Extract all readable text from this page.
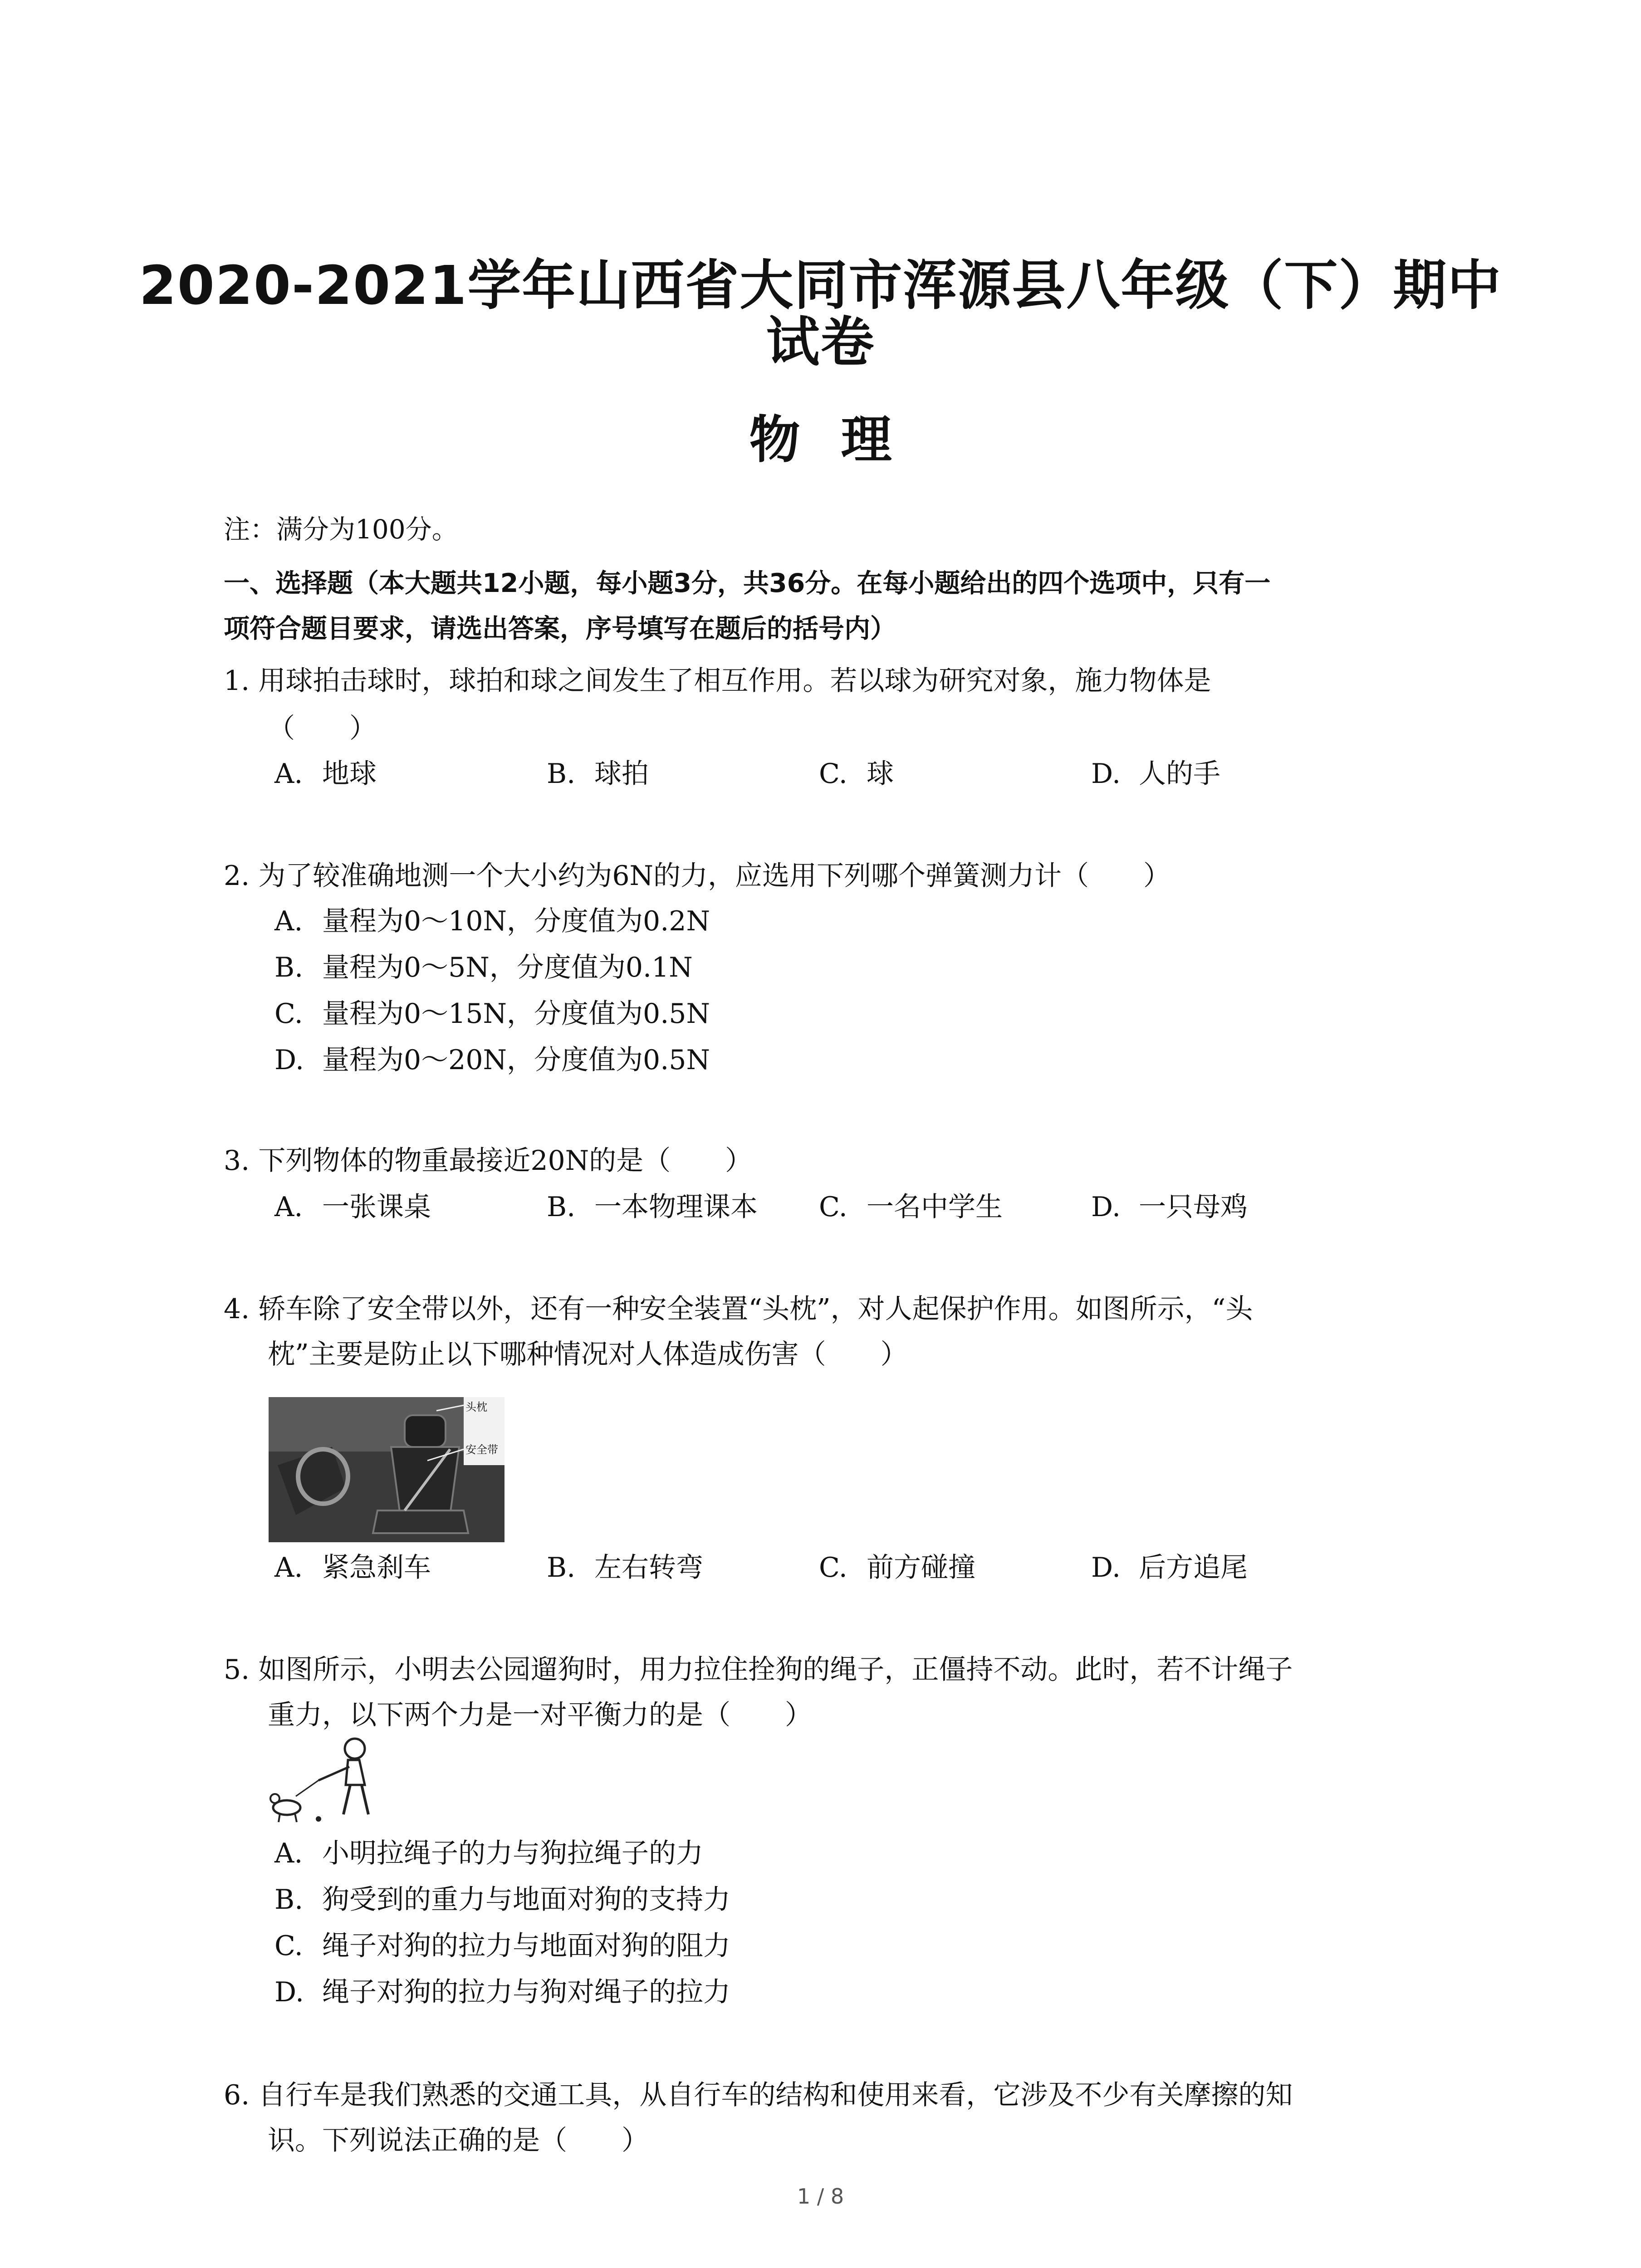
2020-2021学年山西省大同市浑源县八年级（下）期中
试卷
物理
注：满分为100分。
一、选择题（本大题共12小题，每小题3分，共36分。在每小题给出的四个选项中，只有一
项符合题目要求，请选出答案，序号填写在题后的括号内）
1. 用球拍击球时，球拍和球之间发生了相互作用。若以球为研究对象，施力物体是
（　　）
A. 地球	B. 球拍	C. 球	D. 人的手
2. 为了较准确地测一个大小约为6N的力，应选用下列哪个弹簧测力计（　　）
A. 量程为0～10N，分度值为0.2N
B. 量程为0～5N，分度值为0.1N
C. 量程为0～15N，分度值为0.5N
D. 量程为0～20N，分度值为0.5N
3. 下列物体的物重最接近20N的是（　　）
A. 一张课桌	B. 一本物理课本 C. 一名中学生	D. 一只母鸡
4. 轿车除了安全带以外，还有一种安全装置“头枕”，对人起保护作用。如图所示，“头
枕”主要是防止以下哪种情况对人体造成伤害（　　）
头枕
安全带
A. 紧急刹车	B. 左右转弯	C. 前方碰撞	D. 后方追尾
5. 如图所示，小明去公园遛狗时，用力拉住拴狗的绳子，正僵持不动。此时，若不计绳子
重力，以下两个力是一对平衡力的是（　　）
A. 小明拉绳子的力与狗拉绳子的力
B. 狗受到的重力与地面对狗的支持力
C. 绳子对狗的拉力与地面对狗的阻力
D. 绳子对狗的拉力与狗对绳子的拉力
6. 自行车是我们熟悉的交通工具，从自行车的结构和使用来看，它涉及不少有关摩擦的知
识。下列说法正确的是（　　）
1 / 8
